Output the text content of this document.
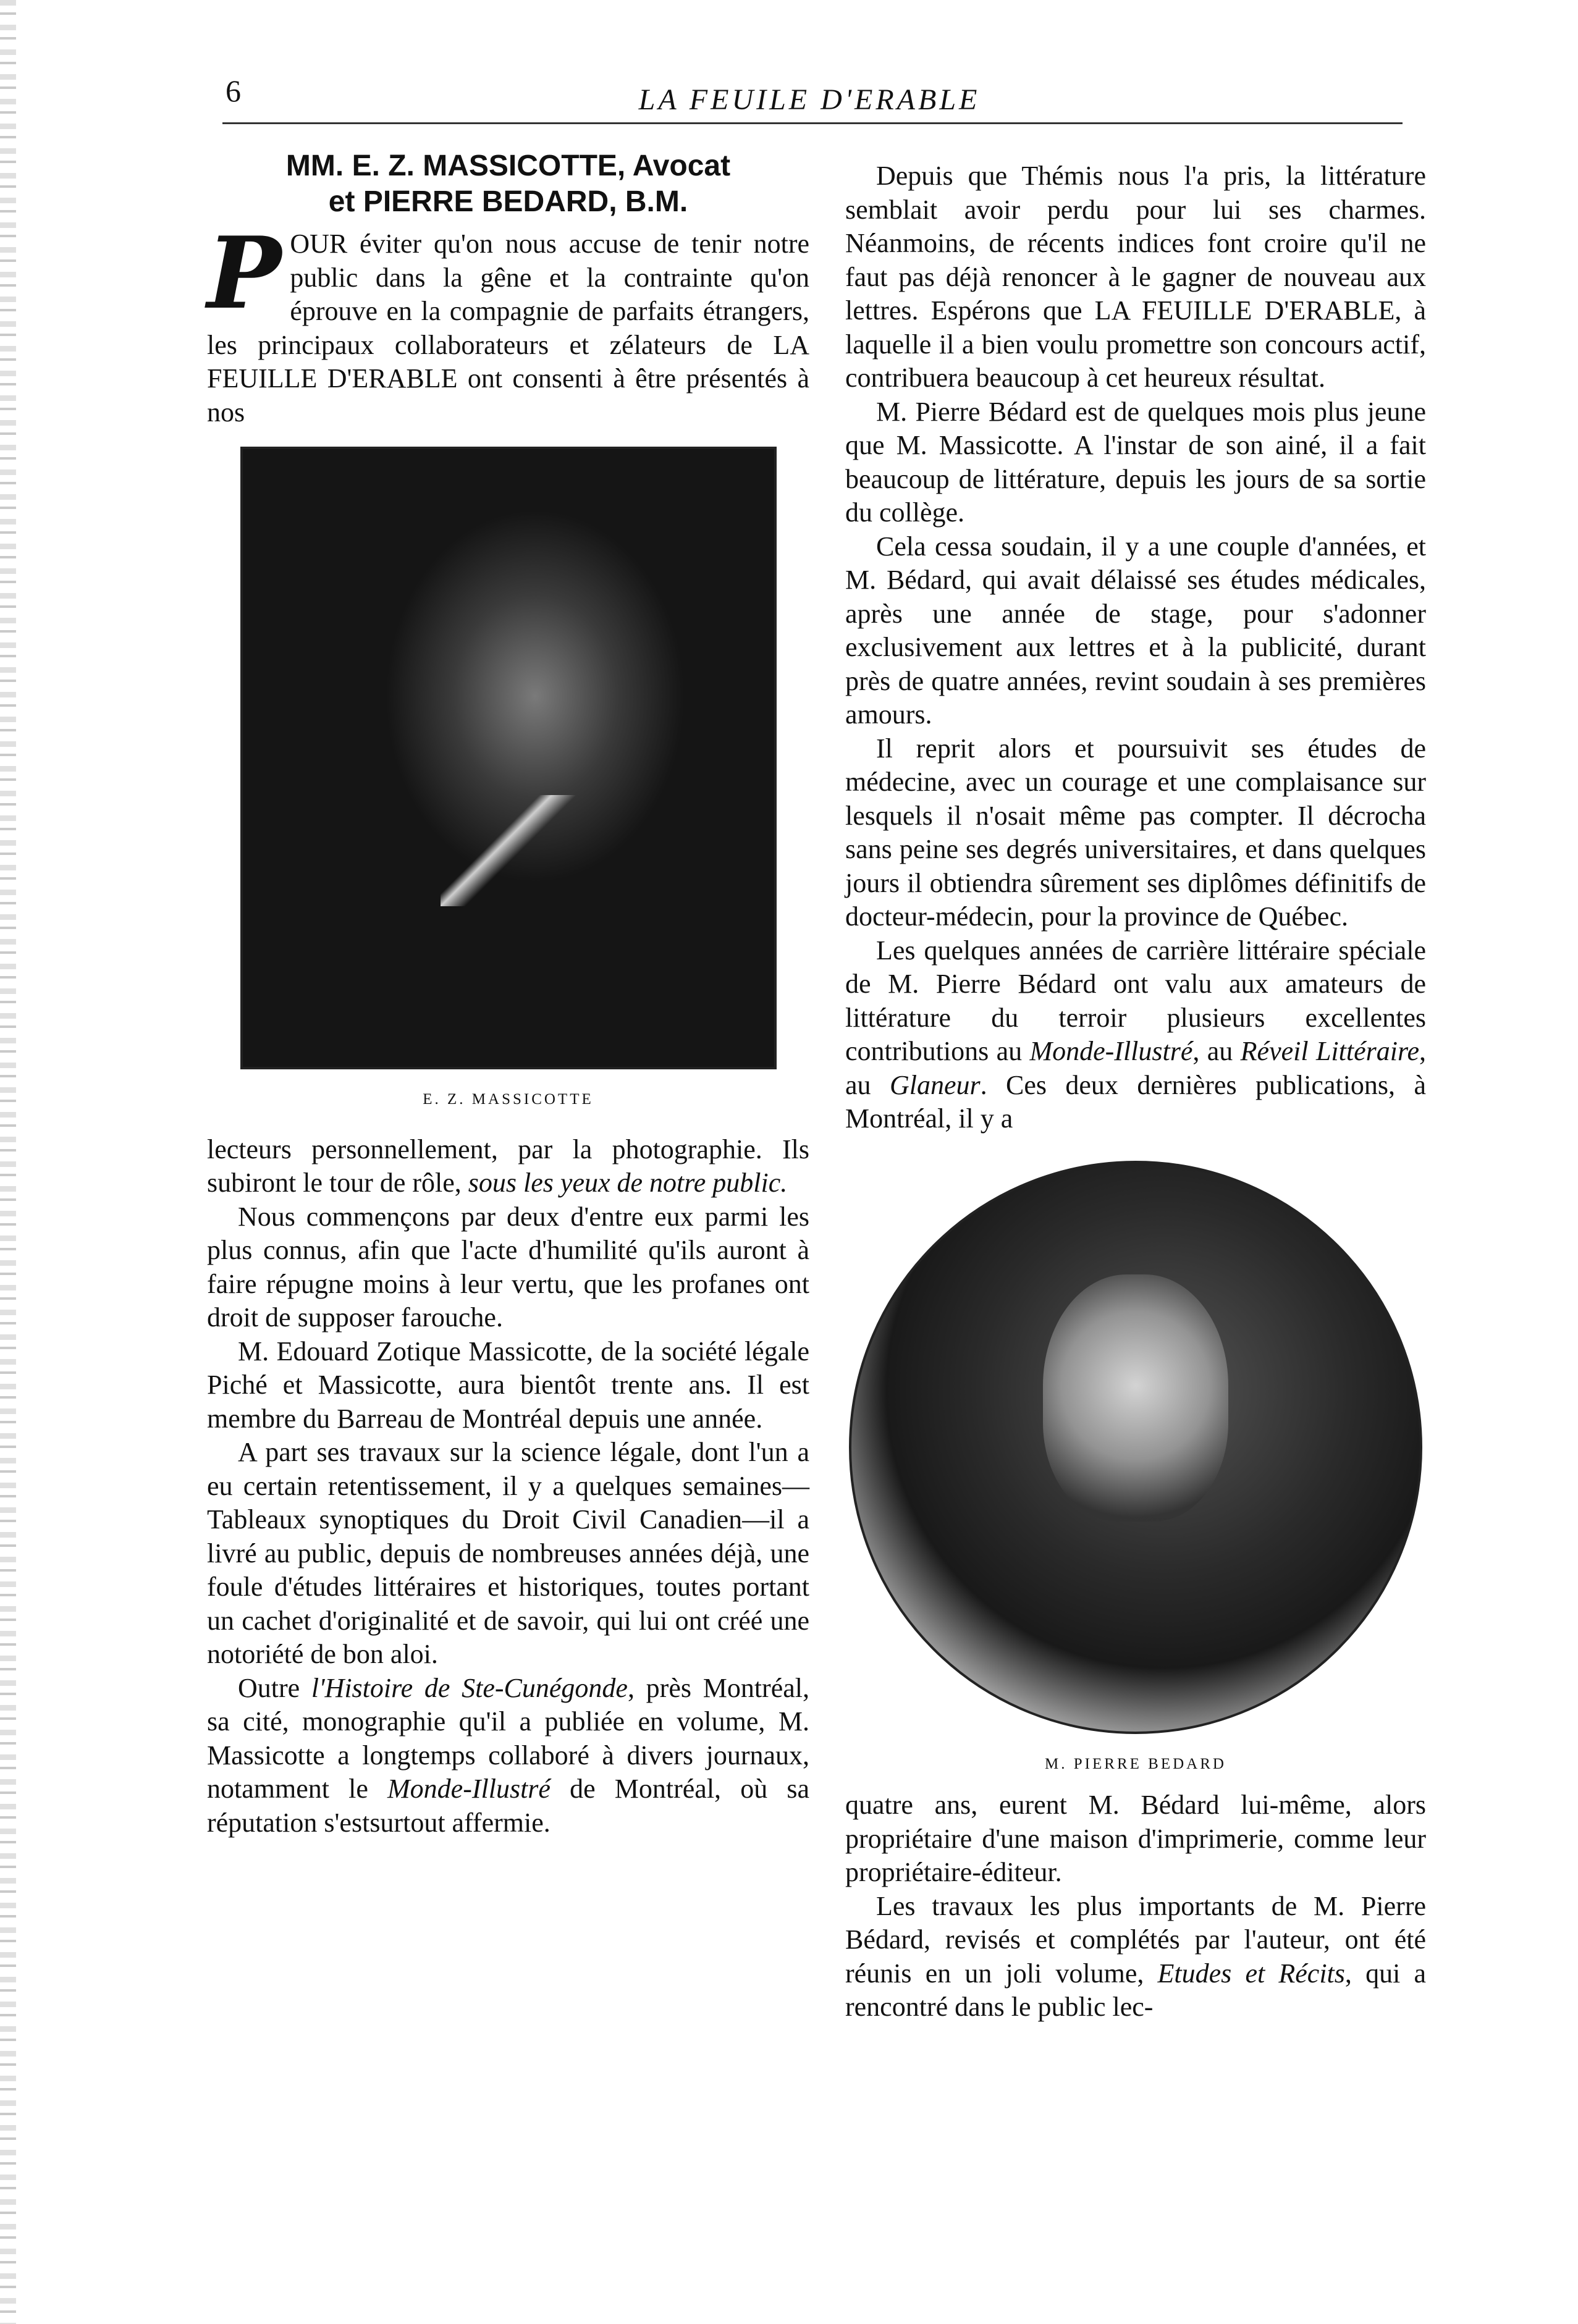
6	LA FEUILE D'ERABLE
MM. E. Z. MASSICOTTE, Avocat
et PIERRE BEDARD, B.M.

POUR éviter qu'on nous accuse de tenir notre public dans la gêne et la contrainte qu'on éprouve en la compagnie de parfaits étrangers, les principaux collaborateurs et zélateurs de LA FEUILLE D'ERABLE ont consenti à être présentés à nos

E. Z. MASSICOTTE

lecteurs personnellement, par la photographie. Ils subiront le tour de rôle, sous les yeux de notre public.

Nous commençons par deux d'entre eux parmi les plus connus, afin que l'acte d'humilité qu'ils auront à faire répugne moins à leur vertu, que les profanes ont droit de supposer farouche.

M. Edouard Zotique Massicotte, de la société légale Piché et Massicotte, aura bientôt trente ans. Il est membre du Barreau de Montréal depuis une année.

A part ses travaux sur la science légale, dont l'un a eu certain retentissement, il y a quelques semaines—Tableaux synoptiques du Droit Civil Canadien—il a livré au public, depuis de nombreuses années déjà, une foule d'études littéraires et historiques, toutes portant un cachet d'originalité et de savoir, qui lui ont créé une notoriété de bon aloi.

Outre l'Histoire de Ste-Cunégonde, près Montréal, sa cité, monographie qu'il a publiée en volume, M. Massicotte a longtemps collaboré à divers journaux, notamment le Monde-Illustré de Montréal, où sa réputation s'estsurtout affermie.

Depuis que Thémis nous l'a pris, la littérature semblait avoir perdu pour lui ses charmes. Néanmoins, de récents indices font croire qu'il ne faut pas déjà renoncer à le gagner de nouveau aux lettres. Espérons que LA FEUILLE D'ERABLE, à laquelle il a bien voulu promettre son concours actif, contribuera beaucoup à cet heureux résultat.

M. Pierre Bédard est de quelques mois plus jeune que M. Massicotte. A l'instar de son ainé, il a fait beaucoup de littérature, depuis les jours de sa sortie du collège.

Cela cessa soudain, il y a une couple d'années, et M. Bédard, qui avait délaissé ses études médicales, après une année de stage, pour s'adonner exclusivement aux lettres et à la publicité, durant près de quatre années, revint soudain à ses premières amours.

Il reprit alors et poursuivit ses études de médecine, avec un courage et une complaisance sur lesquels il n'osait même pas compter. Il décrocha sans peine ses degrés universitaires, et dans quelques jours il obtiendra sûrement ses diplômes définitifs de docteur-médecin, pour la province de Québec.

Les quelques années de carrière littéraire spéciale de M. Pierre Bédard ont valu aux amateurs de littérature du terroir plusieurs excellentes contributions au Monde-Illustré, au Réveil Littéraire, au Glaneur. Ces deux dernières publications, à Montréal, il y a

M. PIERRE BEDARD

quatre ans, eurent M. Bédard lui-même, alors propriétaire d'une maison d'imprimerie, comme leur propriétaire-éditeur.

Les travaux les plus importants de M. Pierre Bédard, revisés et complétés par l'auteur, ont été réunis en un joli volume, Etudes et Récits, qui a rencontré dans le public lec-
